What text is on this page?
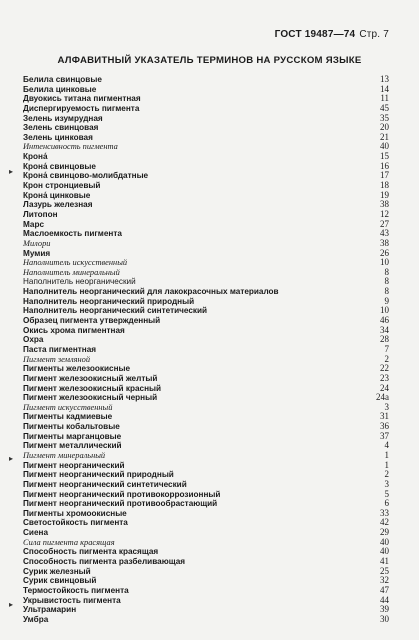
ГОСТ 19487—74 Стр. 7
АЛФАВИТНЫЙ УКАЗАТЕЛЬ ТЕРМИНОВ НА РУССКОМ ЯЗЫКЕ
▸
▸
▸
Белила свинцовые	13
Белила цинковые	14
Двуокись титана пигментная	11
Диспергируемость пигмента	45
Зелень изумрудная	35
Зелень свинцовая	20
Зелень цинковая	21
Интенсивность пигмента	40
Крона́	15
Крона́ свинцовые	16
Крона́ свинцово-молибдатные	17
Крон стронциевый	18
Крона́ цинковые	19
Лазурь железная	38
Литопон	12
Марс	27
Маслоемкость пигмента	43
Милори	38
Мумия	26
Наполнитель искусственный	10
Наполнитель минеральный	8
Наполнитель неорганический	8
Наполнитель неорганический для лакокрасочных материалов	8
Наполнитель неорганический природный	9
Наполнитель неорганический синтетический	10
Образец пигмента утвержденный	46
Окись хрома пигментная	34
Охра	28
Паста пигментная	7
Пигмент земляной	2
Пигменты железоокисные	22
Пигмент железоокисный желтый	23
Пигмент железоокисный красный	24
Пигмент железоокисный черный	24а
Пигмент искусственный	3
Пигменты кадмиевые	31
Пигменты кобальтовые	36
Пигменты марганцовые	37
Пигмент металлический	4
Пигмент минеральный	1
Пигмент неорганический	1
Пигмент неорганический природный	2
Пигмент неорганический синтетический	3
Пигмент неорганический противокоррозионный	5
Пигмент неорганический противообрастающий	6
Пигменты хромоокисные	33
Светостойкость пигмента	42
Сиена	29
Сила пигмента красящая	40
Способность пигмента красящая	40
Способность пигмента разбеливающая	41
Сурик железный	25
Сурик свинцовый	32
Термостойкость пигмента	47
Укрывистость пигмента	44
Ультрамарин	39
Умбра	30
